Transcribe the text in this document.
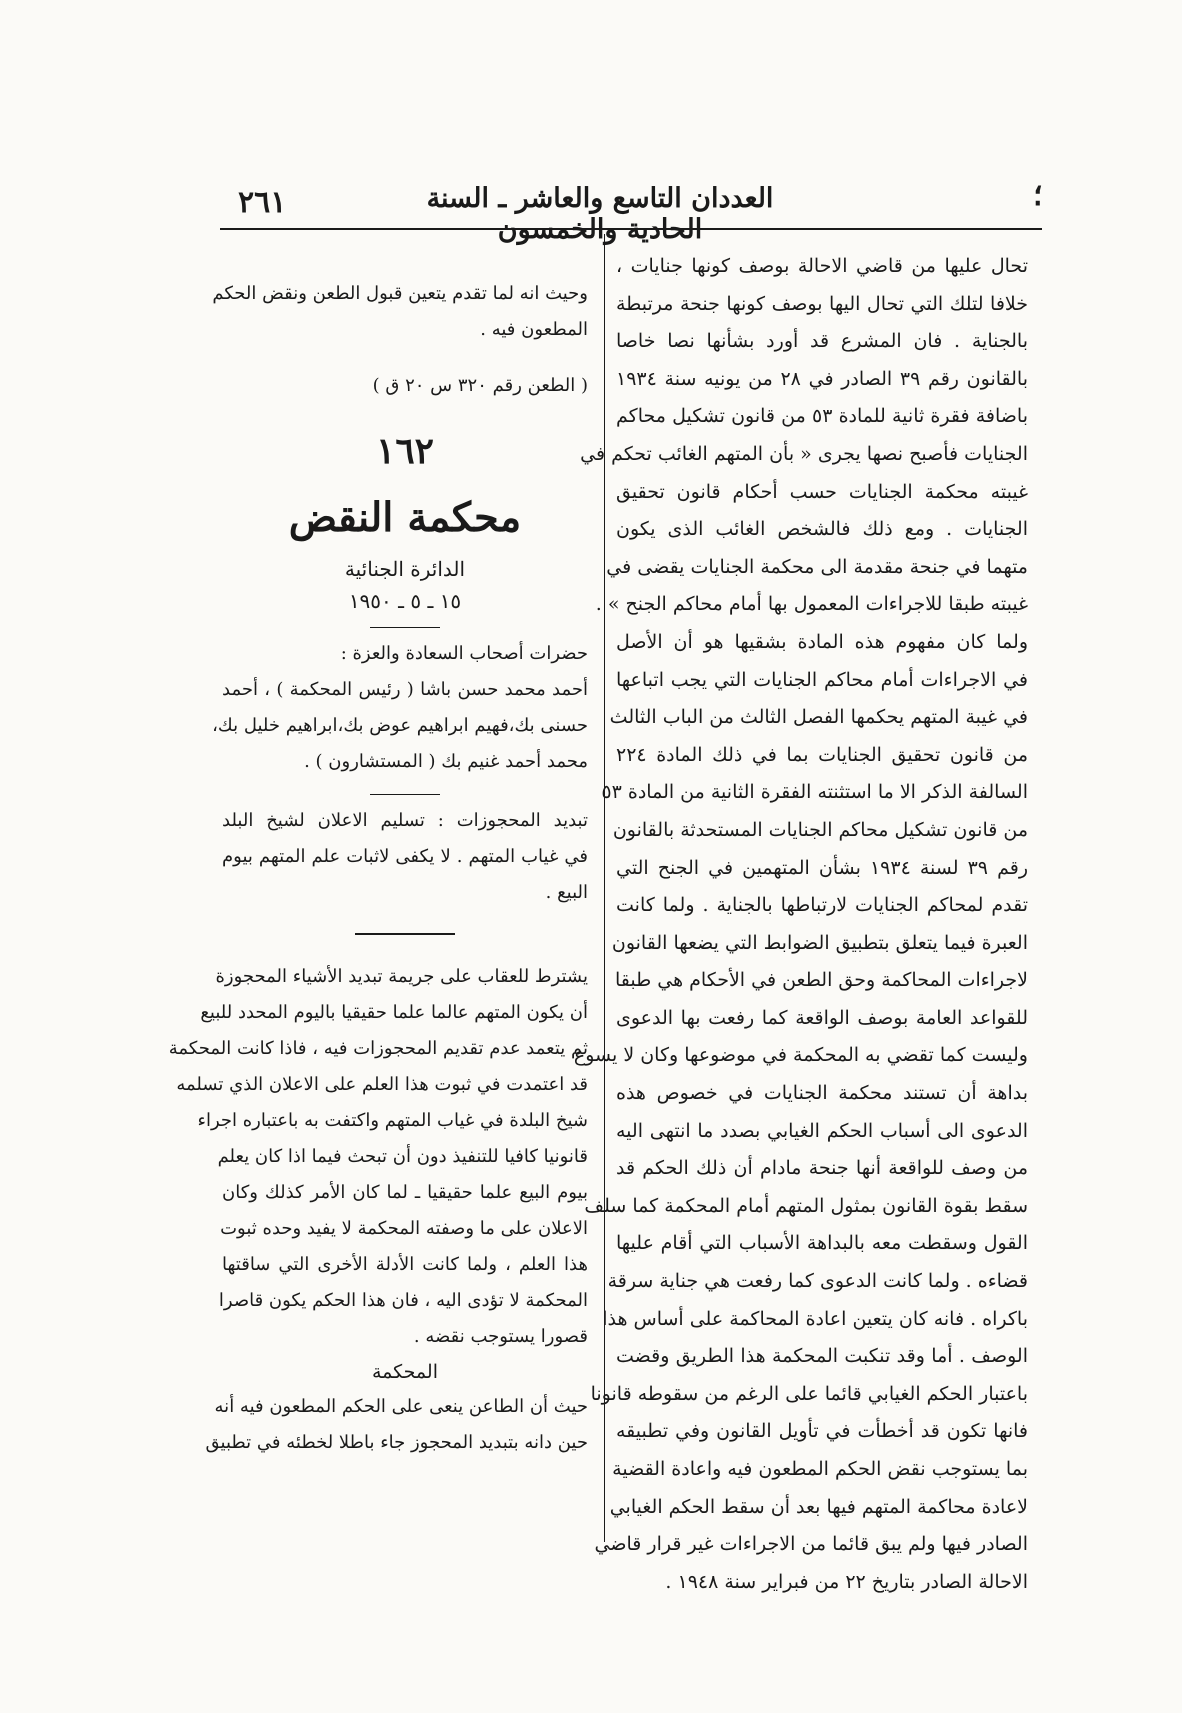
٢٦١	العددان التاسع والعاشر ـ السنة الحادية والخمسون
؛
تحال عليها من قاضي الاحالة بوصف كونها جنايات ،
خلافا لتلك التي تحال اليها بوصف كونها جنحة مرتبطة
بالجناية . فان المشرع قد أورد بشأنها نصا خاصا
بالقانون رقم ٣٩ الصادر في ٢٨ من يونيه سنة ١٩٣٤
باضافة فقرة ثانية للمادة ٥٣ من قانون تشكيل محاكم
الجنايات فأصبح نصها يجرى « بأن المتهم الغائب تحكم في
غيبته محكمة الجنايات حسب أحكام قانون تحقيق
الجنايات . ومع ذلك فالشخص الغائب الذى يكون
متهما في جنحة مقدمة الى محكمة الجنايات يقضى في
غيبته طبقا للاجراءات المعمول بها أمام محاكم الجنح » .
ولما كان مفهوم هذه المادة بشقيها هو أن الأصل
في الاجراءات أمام محاكم الجنايات التي يجب اتباعها
في غيبة المتهم يحكمها الفصل الثالث من الباب الثالث
من قانون تحقيق الجنايات بما في ذلك المادة ٢٢٤
السالفة الذكر الا ما استثنته الفقرة الثانية من المادة ٥٣
من قانون تشكيل محاكم الجنايات المستحدثة بالقانون
رقم ٣٩ لسنة ١٩٣٤ بشأن المتهمين في الجنح التي
تقدم لمحاكم الجنايات لارتباطها بالجناية . ولما كانت
العبرة فيما يتعلق بتطبيق الضوابط التي يضعها القانون
لاجراءات المحاكمة وحق الطعن في الأحكام هي طبقا
للقواعد العامة بوصف الواقعة كما رفعت بها الدعوى
وليست كما تقضي به المحكمة في موضوعها وكان لا يسوغ
بداهة أن تستند محكمة الجنايات في خصوص هذه
الدعوى الى أسباب الحكم الغيابي بصدد ما انتهى اليه
من وصف للواقعة أنها جنحة مادام أن ذلك الحكم قد
سقط بقوة القانون بمثول المتهم أمام المحكمة كما سلف
القول وسقطت معه بالبداهة الأسباب التي أقام عليها
قضاءه . ولما كانت الدعوى كما رفعت هي جناية سرقة
باكراه . فانه كان يتعين اعادة المحاكمة على أساس هذا
الوصف . أما وقد تنكبت المحكمة هذا الطريق وقضت
باعتبار الحكم الغيابي قائما على الرغم من سقوطه قانونا
فانها تكون قد أخطأت في تأويل القانون وفي تطبيقه
بما يستوجب نقض الحكم المطعون فيه واعادة القضية
لاعادة محاكمة المتهم فيها بعد أن سقط الحكم الغيابي
الصادر فيها ولم يبق قائما من الاجراءات غير قرار قاضي
الاحالة الصادر بتاريخ ٢٢ من فبراير سنة ١٩٤٨ .
وحيث انه لما تقدم يتعين قبول الطعن ونقض الحكم
المطعون فيه .
( الطعن رقم ٣٢٠ س ٢٠ ق )
١٦٢
محكمة النقض
الدائرة الجنائية
١٥ ـ ٥ ـ ١٩٥٠
حضرات أصحاب السعادة والعزة :
أحمد محمد حسن باشا ( رئيس المحكمة ) ، أحمد
حسنى بك،فهيم ابراهيم عوض بك،ابراهيم خليل بك،
محمد أحمد غنيم بك ( المستشارون ) .
تبديد المحجوزات : تسليم الاعلان لشيخ البلد
في غياب المتهم . لا يكفى لاثبات علم المتهم بيوم
البيع .
يشترط للعقاب على جريمة تبديد الأشياء المحجوزة
أن يكون المتهم عالما علما حقيقيا باليوم المحدد للبيع
ثم يتعمد عدم تقديم المحجوزات فيه ، فاذا كانت المحكمة
قد اعتمدت في ثبوت هذا العلم على الاعلان الذي تسلمه
شيخ البلدة في غياب المتهم واكتفت به باعتباره اجراء
قانونيا كافيا للتنفيذ دون أن تبحث فيما اذا كان يعلم
بيوم البيع علما حقيقيا ـ لما كان الأمر كذلك وكان
الاعلان على ما وصفته المحكمة لا يفيد وحده ثبوت
هذا العلم ، ولما كانت الأدلة الأخرى التي ساقتها
المحكمة لا تؤدى اليه ، فان هذا الحكم يكون قاصرا
قصورا يستوجب نقضه .
المحكمة
حيث أن الطاعن ينعى على الحكم المطعون فيه أنه
حين دانه بتبديد المحجوز جاء باطلا لخطئه في تطبيق
